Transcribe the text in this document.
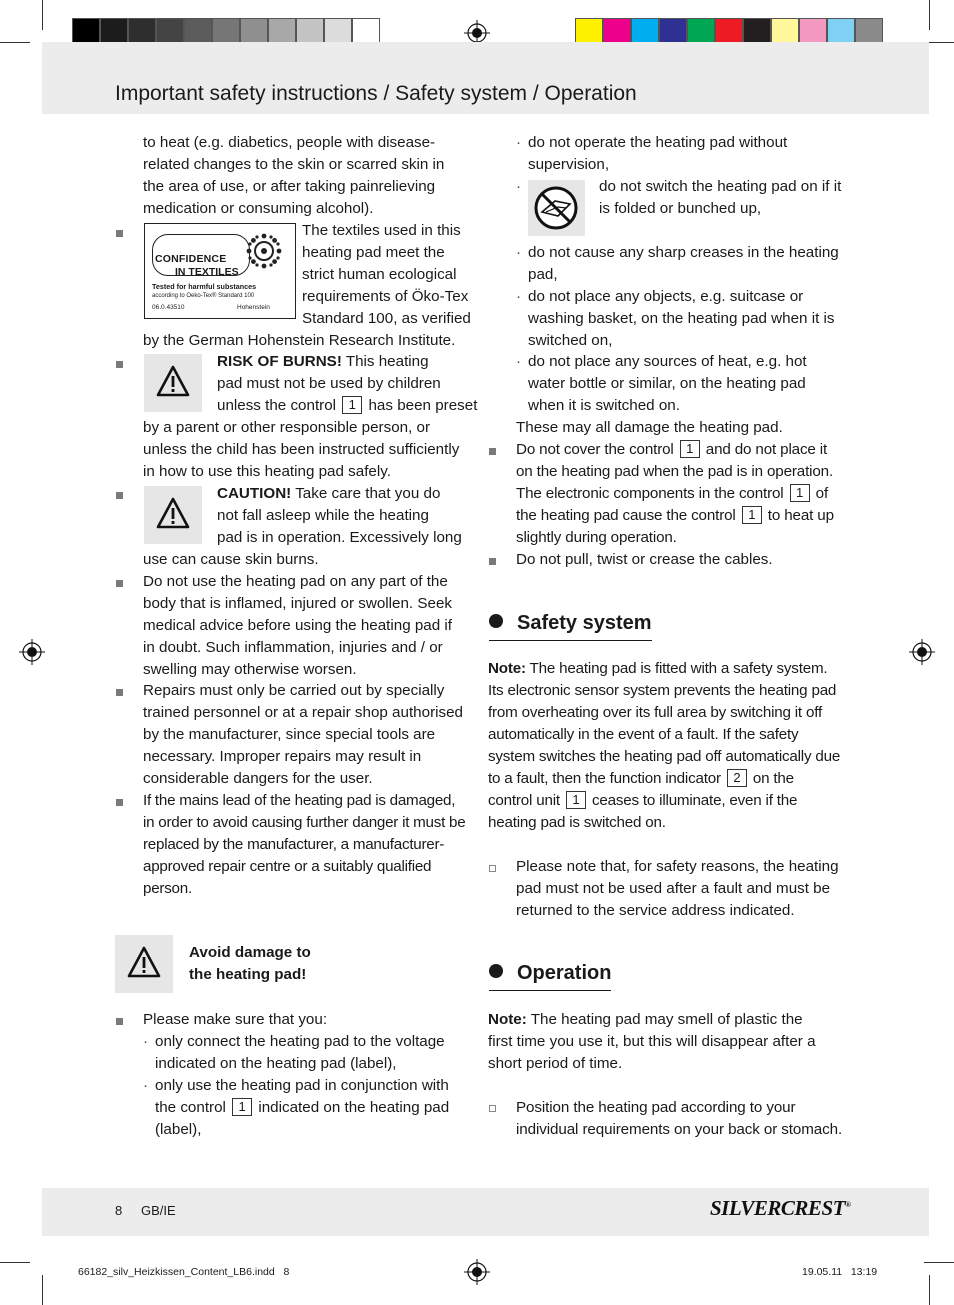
Important safety instructions / Safety system / Operation

to heat (e.g. diabetics, people with disease-related changes to the skin or scarred skin in the area of use, or after taking painrelieving medication or consuming alcohol).

CONFIDENCE
IN TEXTILES
Tested for harmful substances
according to Oeko-Tex® Standard 100
06.0.43510	Hohenstein
The textiles used in this
heating pad meet the
strict human ecological
requirements of Öko-Tex
Standard 100, as verified
by the German Hohenstein Research Institute.
RISK OF BURNS! This heating
pad must not be used by children
unless the control 1 has been preset
by a parent or other responsible person, or
unless the child has been instructed sufficiently
in how to use this heating pad safely.
CAUTION! Take care that you do
not fall asleep while the heating
pad is in operation. Excessively long
use can cause skin burns.
Do not use the heating pad on any part of the body that is inflamed, injured or swollen. Seek medical advice before using the heating pad if in doubt. Such inflammation, injuries and / or swelling may otherwise worsen.
Repairs must only be carried out by specially trained personnel or at a repair shop authorised by the manufacturer, since special tools are necessary. Improper repairs may result in considerable dangers for the user.
If the mains lead of the heating pad is damaged, in order to avoid causing further danger it must be replaced by the manufacturer, a manufacturer-approved repair centre or a suitably qualified person.
Avoid damage to
the heating pad!
Please make sure that you:
· only connect the heating pad to the voltage indicated on the heating pad (label),
· only use the heating pad in conjunction with the control 1 indicated on the heating pad (label),
· do not operate the heating pad without supervision,
·	do not switch the heating pad on if it is folded or bunched up,
· do not cause any sharp creases in the heating pad,
· do not place any objects, e.g. suitcase or washing basket, on the heating pad when it is switched on,
· do not place any sources of heat, e.g. hot water bottle or similar, on the heating pad when it is switched on.
These may all damage the heating pad.
Do not cover the control 1 and do not place it on the heating pad when the pad is in operation. The electronic components in the control 1 of the heating pad cause the control 1 to heat up slightly during operation.
Do not pull, twist or crease the cables.
Safety system
Note: The heating pad is fitted with a safety system. Its electronic sensor system prevents the heating pad from overheating over its full area by switching it off automatically in the event of a fault. If the safety system switches the heating pad off automatically due to a fault, then the function indicator 2 on the control unit 1 ceases to illuminate, even if the heating pad is switched on.
Please note that, for safety reasons, the heating pad must not be used after a fault and must be returned to the service address indicated.
Operation
Note: The heating pad may smell of plastic the first time you use it, but this will disappear after a short period of time.
Position the heating pad according to your individual requirements on your back or stomach.
8 GB/IE	SILVERCREST®
66182_silv_Heizkissen_Content_LB6.indd   8	19.05.11   13:19
